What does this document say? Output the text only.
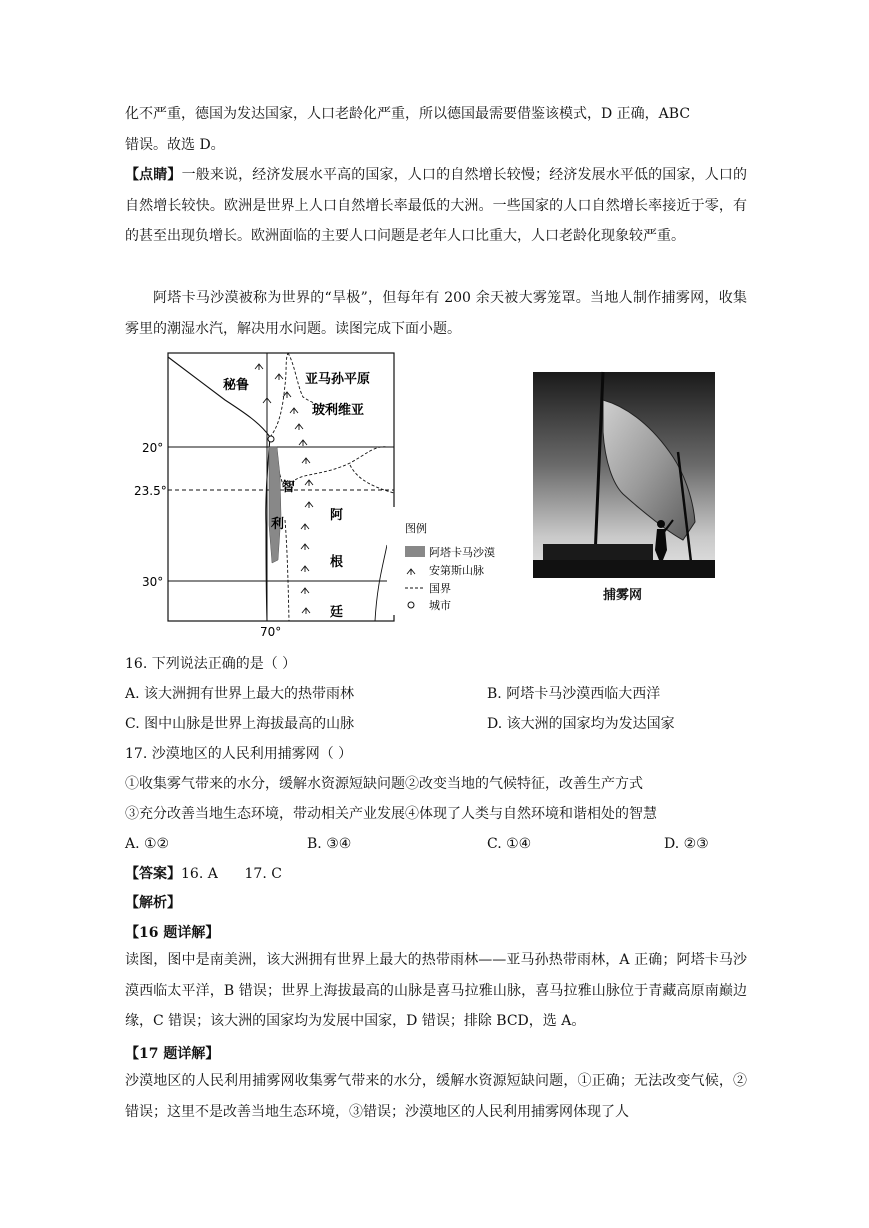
化不严重，德国为发达国家，人口老龄化严重，所以德国最需要借鉴该模式，D 正确，ABC

错误。故选 D。

【点睛】一般来说，经济发展水平高的国家，人口的自然增长较慢；经济发展水平低的国家，人口的自然增长较快。欧洲是世界上人口自然增长率最低的大洲。一些国家的人口自然增长率接近于零，有的甚至出现负增长。欧洲面临的主要人口问题是老年人口比重大，人口老龄化现象较严重。

阿塔卡马沙漠被称为世界的“旱极”，但每年有 200 余天被大雾笼罩。当地人制作捕雾网，收集雾里的潮湿水汽，解决用水问题。读图完成下面小题。

秘鲁	亚马孙平原
玻利维亚
智
利
阿
根
廷
20°
23.5°
30°
70°
图例
阿塔卡马沙漠
安第斯山脉
国界
城市
捕雾网

16. 下列说法正确的是（ ）

A. 该大洲拥有世界上最大的热带雨林	B. 阿塔卡马沙漠西临大西洋
C. 图中山脉是世界上海拔最高的山脉	D. 该大洲的国家均为发达国家

17. 沙漠地区的人民利用捕雾网（ ）

①收集雾气带来的水分，缓解水资源短缺问题②改变当地的气候特征，改善生产方式

③充分改善当地生态环境，带动相关产业发展④体现了人类与自然环境和谐相处的智慧

A. ①②	B. ③④	C. ①④	D. ②③

【答案】16. A      17. C

【解析】

【16 题详解】

读图，图中是南美洲，该大洲拥有世界上最大的热带雨林——亚马孙热带雨林，A 正确；阿塔卡马沙漠西临太平洋，B 错误；世界上海拔最高的山脉是喜马拉雅山脉，喜马拉雅山脉位于青藏高原南巅边缘，C 错误；该大洲的国家均为发展中国家，D 错误；排除 BCD，选 A。

【17 题详解】

沙漠地区的人民利用捕雾网收集雾气带来的水分，缓解水资源短缺问题，①正确；无法改变气候，②错误；这里不是改善当地生态环境，③错误；沙漠地区的人民利用捕雾网体现了人
